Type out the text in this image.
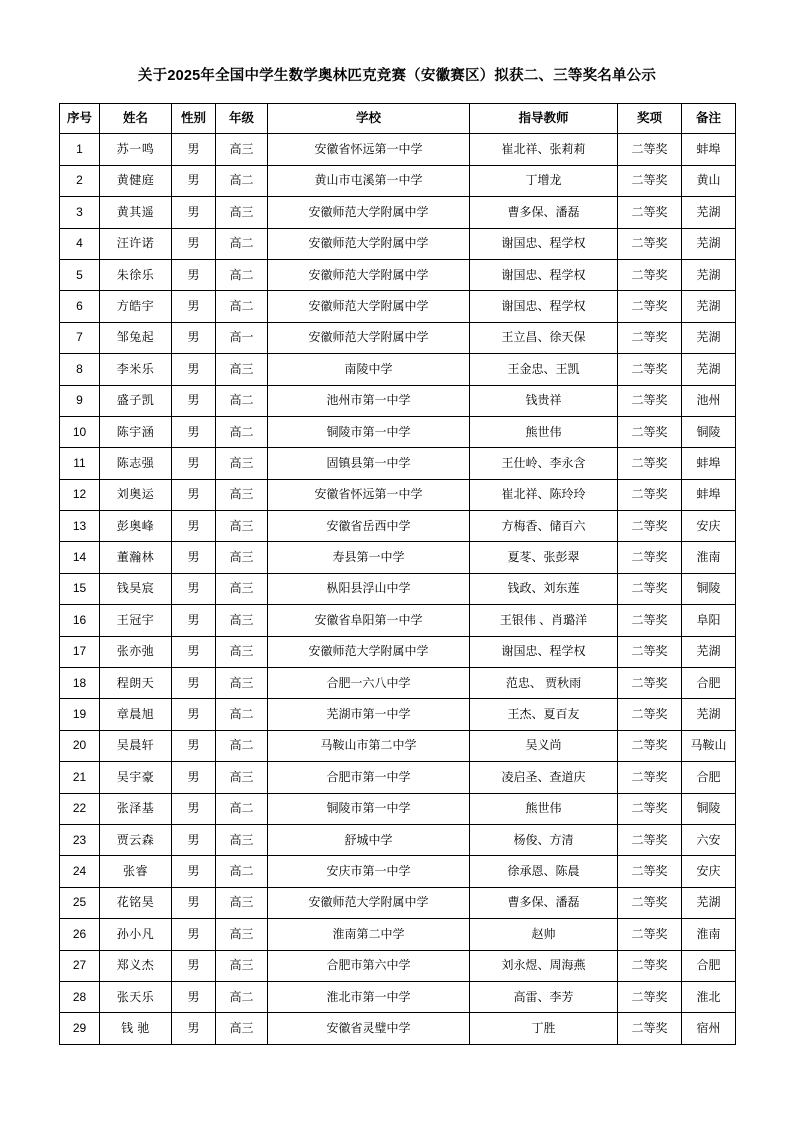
关于2025年全国中学生数学奥林匹克竞赛（安徽赛区）拟获二、三等奖名单公示
序号	姓名	性别	年级	学校	指导教师	奖项	备注
1	苏一鸣	男	高三	安徽省怀远第一中学	崔北祥、张莉莉	二等奖	蚌埠
2	黄健庭	男	高二	黄山市屯溪第一中学	丁增龙	二等奖	黄山
3	黄其遥	男	高三	安徽师范大学附属中学	曹多保、潘磊	二等奖	芜湖
4	汪许诺	男	高二	安徽师范大学附属中学	谢国忠、程学权	二等奖	芜湖
5	朱徐乐	男	高二	安徽师范大学附属中学	谢国忠、程学权	二等奖	芜湖
6	方皓宇	男	高二	安徽师范大学附属中学	谢国忠、程学权	二等奖	芜湖
7	邹兔起	男	高一	安徽师范大学附属中学	王立昌、徐天保	二等奖	芜湖
8	李米乐	男	高三	南陵中学	王金忠、王凯	二等奖	芜湖
9	盛子凯	男	高二	池州市第一中学	钱贵祥	二等奖	池州
10	陈宇涵	男	高二	铜陵市第一中学	熊世伟	二等奖	铜陵
11	陈志强	男	高三	固镇县第一中学	王仕岭、李永含	二等奖	蚌埠
12	刘奥运	男	高三	安徽省怀远第一中学	崔北祥、陈玲玲	二等奖	蚌埠
13	彭奥峰	男	高三	安徽省岳西中学	方梅香、储百六	二等奖	安庆
14	董瀚林	男	高三	寿县第一中学	夏苳、张彭翠	二等奖	淮南
15	钱昊宸	男	高三	枞阳县浮山中学	钱政、刘东莲	二等奖	铜陵
16	王冠宇	男	高三	安徽省阜阳第一中学	王银伟 、肖璐洋	二等奖	阜阳
17	张亦弛	男	高三	安徽师范大学附属中学	谢国忠、程学权	二等奖	芜湖
18	程朗天	男	高三	合肥一六八中学	范忠、 贾秋雨	二等奖	合肥
19	章晨旭	男	高二	芜湖市第一中学	王杰、夏百友	二等奖	芜湖
20	吴晨轩	男	高二	马鞍山市第二中学	吴义尚	二等奖	马鞍山
21	吴宇豪	男	高三	合肥市第一中学	凌启圣、查道庆	二等奖	合肥
22	张泽基	男	高二	铜陵市第一中学	熊世伟	二等奖	铜陵
23	贾云森	男	高三	舒城中学	杨俊、方清	二等奖	六安
24	张睿	男	高二	安庆市第一中学	徐承恩、陈晨	二等奖	安庆
25	花铭昊	男	高三	安徽师范大学附属中学	曹多保、潘磊	二等奖	芜湖
26	孙小凡	男	高三	淮南第二中学	赵帅	二等奖	淮南
27	郑义杰	男	高三	合肥市第六中学	刘永煜、周海燕	二等奖	合肥
28	张天乐	男	高二	淮北市第一中学	高雷、李芳	二等奖	淮北
29	钱 驰	男	高三	安徽省灵璧中学	丁胜	二等奖	宿州
